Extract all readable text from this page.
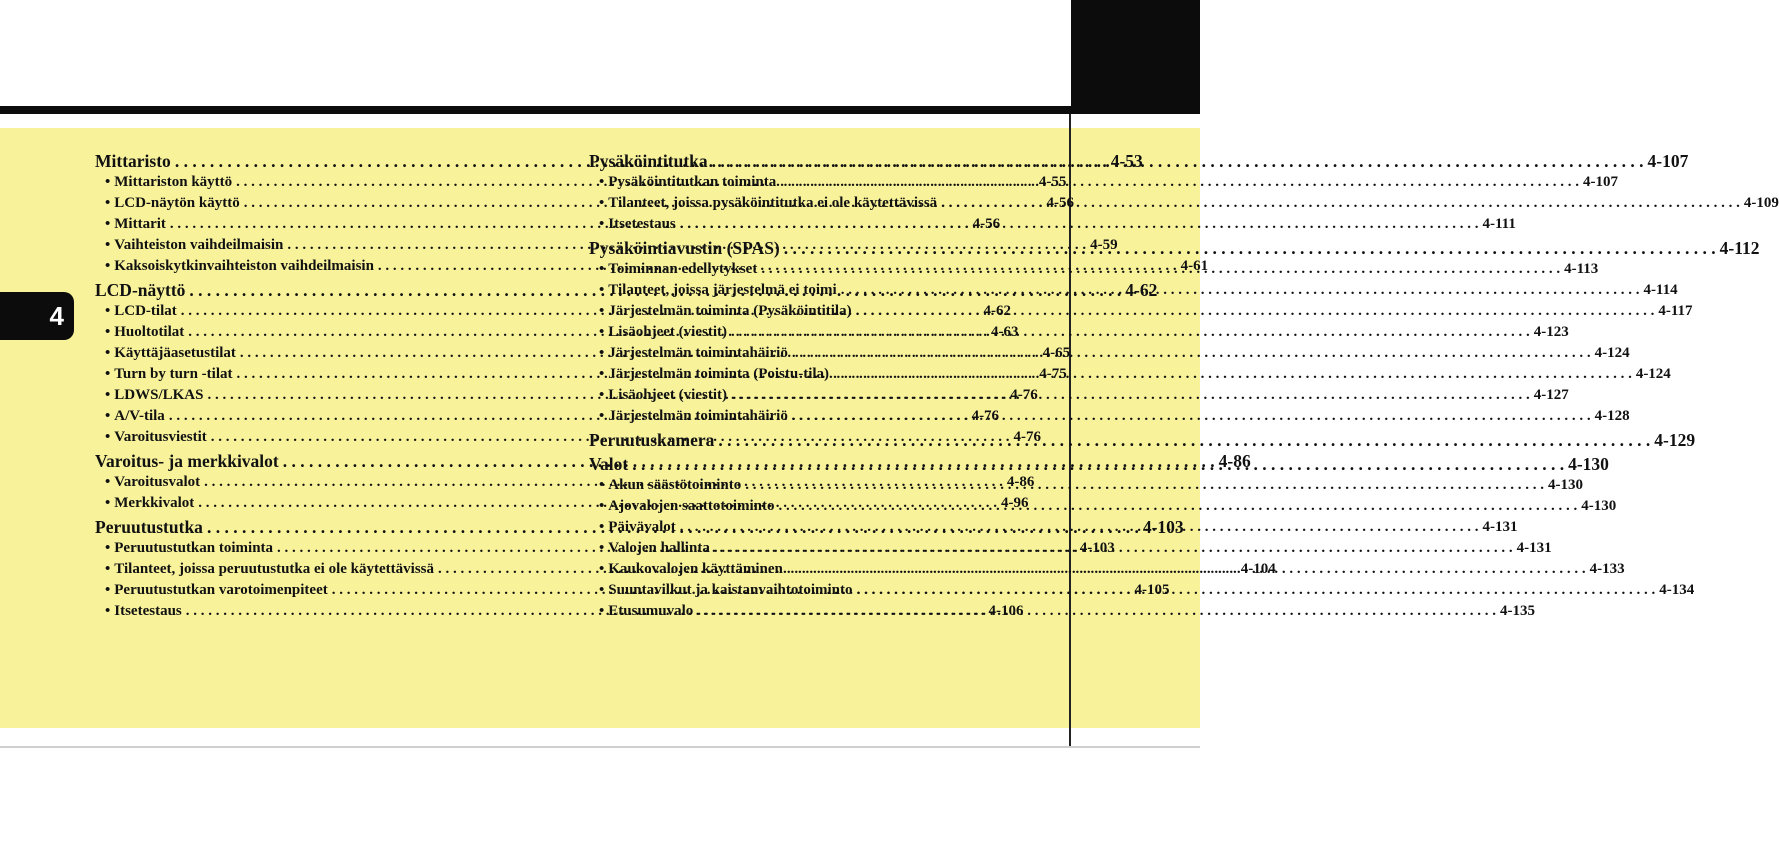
4
Mittaristo . . .	4-53
• Mittariston käyttö . . .	4-55
• LCD-näytön käyttö . . .	4-56
• Mittarit . . .	4-56
• Vaihteiston vaihdeilmaisin . . .	4-59
• Kaksoiskytkinvaihteiston vaihdeilmaisin . . .	4-61
LCD-näyttö . . .	4-62
• LCD-tilat . . .	4-62
• Huoltotilat . . .	4-63
• Käyttäjäasetustilat . . .	4-65
• Turn by turn -tilat . . .	4-75
• LDWS/LKAS . . .	4-76
• A/V-tila . . .	4-76
• Varoitusviestit . . .	4-76
Varoitus- ja merkkivalot . . .	4-86
• Varoitusvalot . . .	4-86
• Merkkivalot . . .	4-96
Peruutustutka . . .	4-103
• Peruutustutkan toiminta . . .	4-103
• Tilanteet, joissa peruutustutka ei ole käytettävissä . . .	4-104
• Peruutustutkan varotoimenpiteet . . .	4-105
• Itsetestaus . . .	4-106
Pysäköintitutka . . .	4-107
• Pysäköintitutkan toiminta . . .	4-107
• Tilanteet, joissa pysäköintitutka ei ole käytettävissä . . .	4-109
• Itsetestaus . . .	4-111
Pysäköintiavustin (SPAS) . . .	4-112
• Toiminnan edellytykset . . .	4-113
• Tilanteet, joissa järjestelmä ei toimi . . .	4-114
• Järjestelmän toiminta (Pysäköintitila) . . .	4-117
• Lisäohjeet (viestit) . . .	4-123
• Järjestelmän toimintahäiriö . . .	4-124
• Järjestelmän toiminta (Poistu-tila) . . .	4-124
• Lisäohjeet (viestit) . . .	4-127
• Järjestelmän toimintahäiriö . . .	4-128
Peruutuskamera . . .	4-129
Valot . . .	4-130
• Akun säästötoiminto . . .	4-130
• Ajovalojen saattotoiminto . . .	4-130
• Päivävalot . . .	4-131
• Valojen hallinta . . .	4-131
• Kaukovalojen käyttäminen . . .	4-133
• Suuntavilkut ja kaistanvaihtotoiminto . . .	4-134
• Etusumuvalo . . .	4-135
